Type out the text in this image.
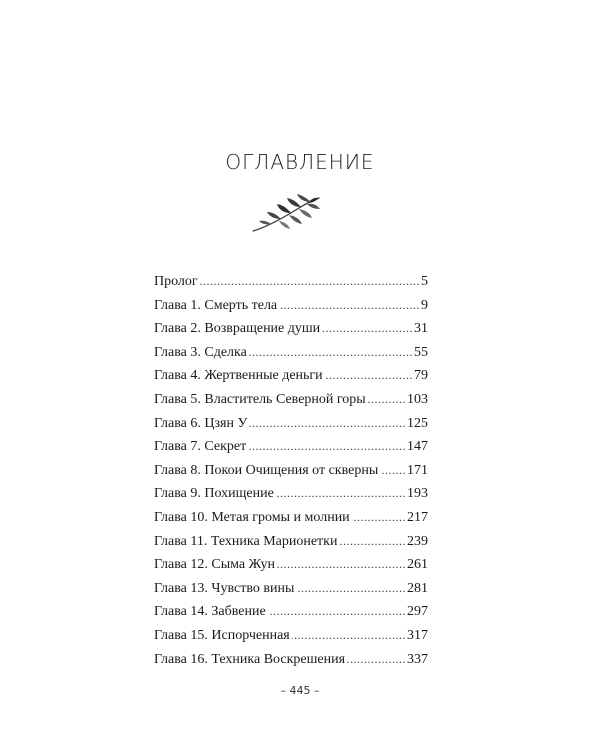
ОГЛАВЛЕНИЕ
Пролог .....	5
Глава 1. Смерть тела .....	9
Глава 2. Возвращение души .....	31
Глава 3. Сделка .....	55
Глава 4. Жертвенные деньги .....	79
Глава 5. Властитель Северной горы .....	103
Глава 6. Цзян У .....	125
Глава 7. Секрет .....	147
Глава 8. Покои Очищения от скверны ..... 171
Глава 9. Похищение .....	193
Глава 10. Метая громы и молнии .....	217
Глава 11. Техника Марионетки .....	239
Глава 12. Сыма Жун .....	261
Глава 13. Чувство вины .....	281
Глава 14. Забвение .....	297
Глава 15. Испорченная .....	317
Глава 16. Техника Воскрешения .....	337
– 445 –
